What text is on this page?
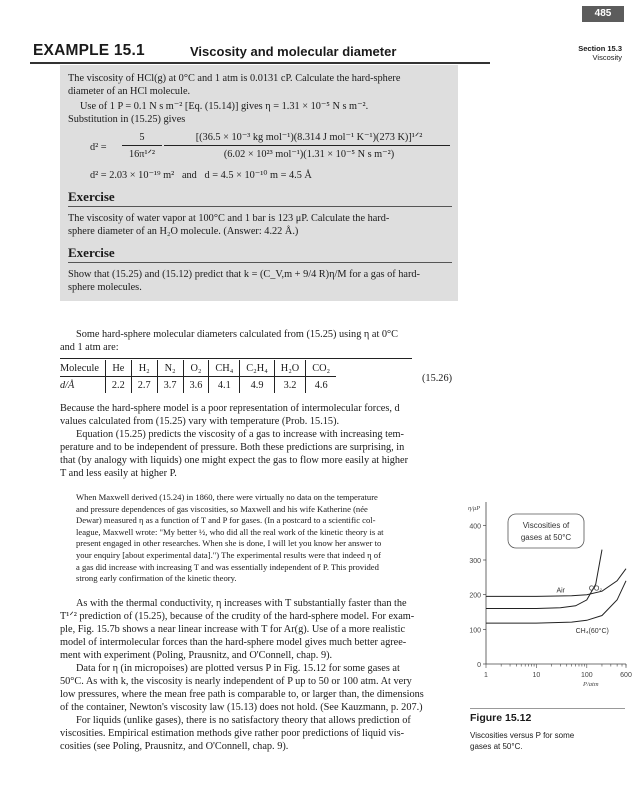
485
EXAMPLE 15.1	Viscosity and molecular diameter	Section 15.3
Viscosity
The viscosity of HCl(g) at 0°C and 1 atm is 0.0131 cP. Calculate the hard-sphere
diameter of an HCl molecule.
Use of 1 P = 0.1 N s m⁻² [Eq. (15.14)] gives η = 1.31 × 10⁻⁵ N s m⁻².
Substitution in (15.25) gives
d² =
5
16π¹ᐟ²
[(36.5 × 10⁻³ kg mol⁻¹)(8.314 J mol⁻¹ K⁻¹)(273 K)]¹ᐟ²
(6.02 × 10²³ mol⁻¹)(1.31 × 10⁻⁵ N s m⁻²)
d² = 2.03 × 10⁻¹⁹ m²   and   d = 4.5 × 10⁻¹⁰ m = 4.5 Å
Exercise
The viscosity of water vapor at 100°C and 1 bar is 123 μP. Calculate the hard-
sphere diameter of an H₂O molecule. (Answer: 4.22 Å.)
Exercise
Show that (15.25) and (15.12) predict that k = (C_V,m + 9/4 R)η/M for a gas of hard-
sphere molecules.
Some hard-sphere molecular diameters calculated from (15.25) using η at 0°C
and 1 atm are:
Molecule	He	H₂	N₂	O₂	CH₄	C₂H₄	H₂O	CO₂
d/Å	2.2	2.7	3.7	3.6	4.1	4.9	3.2	4.6
(15.26)
Because the hard-sphere model is a poor representation of intermolecular forces, d
values calculated from (15.25) vary with temperature (Prob. 15.15).
Equation (15.25) predicts the viscosity of a gas to increase with increasing tem-
perature and to be independent of pressure. Both these predictions are surprising, in
that (by analogy with liquids) one might expect the gas to flow more easily at higher
T and less easily at higher P.
When Maxwell derived (15.24) in 1860, there were virtually no data on the temperature
and pressure dependences of gas viscosities, so Maxwell and his wife Katherine (née
Dewar) measured η as a function of T and P for gases. (In a postcard to a scientific col-
league, Maxwell wrote: "My better ½, who did all the real work of the kinetic theory is at
present engaged in other researches. When she is done, I will let you know her answer to
your enquiry [about experimental data].") The experimental results were that indeed η of
a gas did increase with increasing T and was essentially independent of P. This provided
strong early confirmation of the kinetic theory.
As with the thermal conductivity, η increases with T substantially faster than the
T¹ᐟ² prediction of (15.25), because of the crudity of the hard-sphere model. For exam-
ple, Fig. 15.7b shows a near linear increase with T for Ar(g). Use of a more realistic
model of intermolecular forces than the hard-sphere model gives much better agree-
ment with experiment (Poling, Prausnitz, and O'Connell, chap. 9).
Data for η (in micropoises) are plotted versus P in Fig. 15.12 for some gases at
50°C. As with k, the viscosity is nearly independent of P up to 50 or 100 atm. At very
low pressures, where the mean free path is comparable to, or larger than, the dimensions
of the container, Newton's viscosity law (15.13) does not hold. (See Kauzmann, p. 207.)
For liquids (unlike gases), there is no satisfactory theory that allows prediction of
viscosities. Empirical estimation methods give rather poor predictions of liquid vis-
cosities (see Poling, Prausnitz, and O'Connell, chap. 9).
0
100
200
300
400
1	10	100	600
η/μP
P/atm
Viscosities of
gases at 50°C
CO₂
Air
CH₄(60°C)
Figure 15.12
Viscosities versus P for some
gases at 50°C.
